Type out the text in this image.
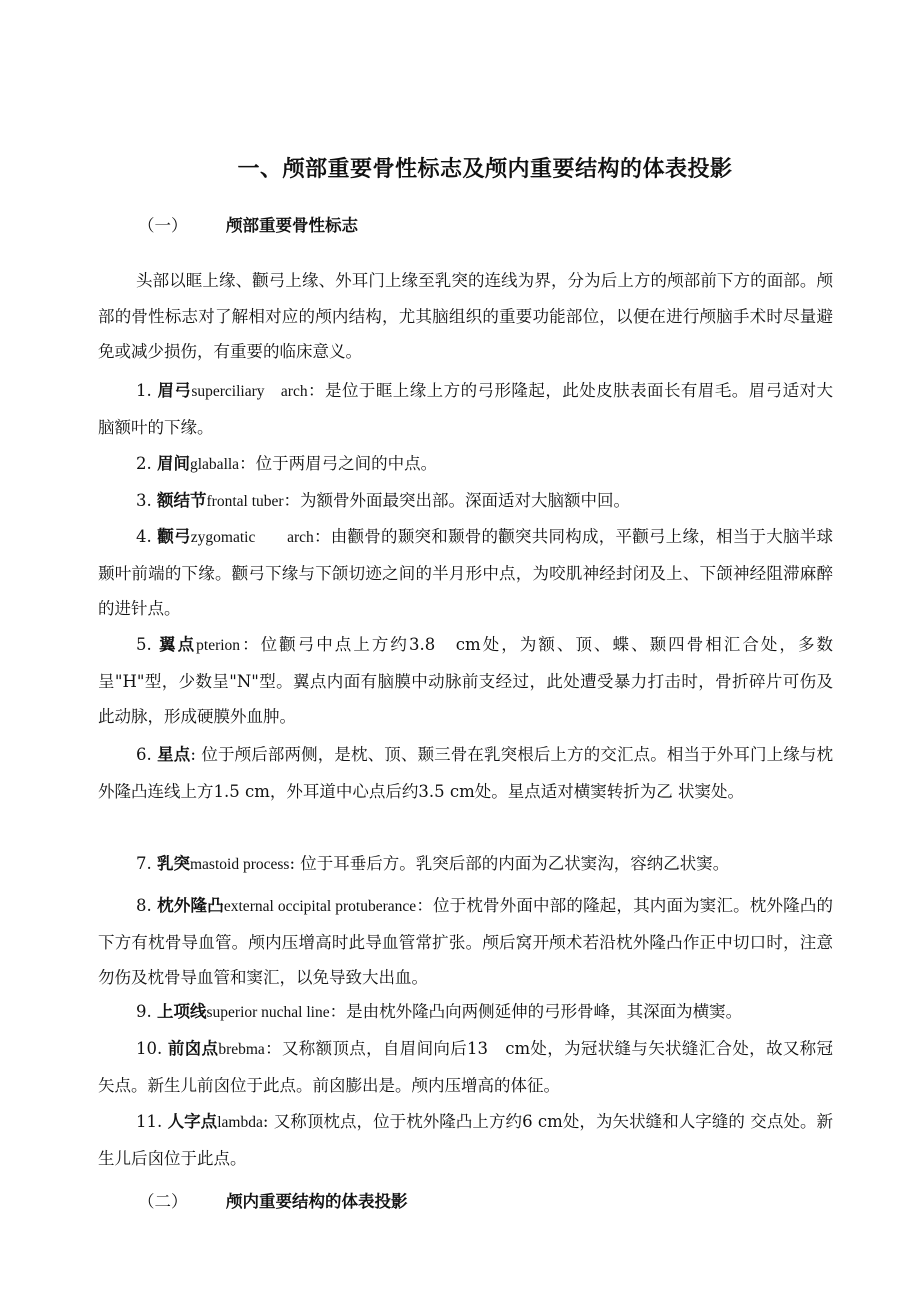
一、颅部重要骨性标志及颅内重要结构的体表投影
（一） 颅部重要骨性标志

头部以眶上缘、颧弓上缘、外耳门上缘至乳突的连线为界，分为后上方的颅部前下方的面部。颅部的骨性标志对了解相对应的颅内结构，尤其脑组织的重要功能部位，以便在进行颅脑手术时尽量避免或减少损伤，有重要的临床意义。

1. 眉弓superciliary　arch：是位于眶上缘上方的弓形隆起，此处皮肤表面长有眉毛。眉弓适对大脑额叶的下缘。

2. 眉间glaballa：位于两眉弓之间的中点。

3. 额结节frontal tuber：为额骨外面最突出部。深面适对大脑额中回。

4. 颧弓zygomatic　　arch：由颧骨的颞突和颞骨的颧突共同构成，平颧弓上缘，相当于大脑半球颞叶前端的下缘。颧弓下缘与下颌切迹之间的半月形中点，为咬肌神经封闭及上、下颌神经阻滞麻醉的进针点。

5. 翼点pterion：位颧弓中点上方约3.8　cm处，为额、顶、蝶、颞四骨相汇合处，多数呈"H"型，少数呈"N"型。翼点内面有脑膜中动脉前支经过，此处遭受暴力打击时，骨折碎片可伤及此动脉，形成硬膜外血肿。

6. 星点: 位于颅后部两侧，是枕、顶、颞三骨在乳突根后上方的交汇点。相当于外耳门上缘与枕外隆凸连线上方1.5 cm，外耳道中心点后约3.5 cm处。星点适对横窦转折为乙 状窦处。

7. 乳突mastoid process: 位于耳垂后方。乳突后部的内面为乙状窦沟，容纳乙状窦。

8. 枕外隆凸external occipital protuberance：位于枕骨外面中部的隆起，其内面为窦汇。枕外隆凸的下方有枕骨导血管。颅内压增高时此导血管常扩张。颅后窝开颅术若沿枕外隆凸作正中切口时，注意勿伤及枕骨导血管和窦汇，以免导致大出血。

9. 上项线superior nuchal line：是由枕外隆凸向两侧延伸的弓形骨峰，其深面为横窦。

10. 前囟点brebma：又称额顶点，自眉间向后13　cm处，为冠状缝与矢状缝汇合处，故又称冠矢点。新生儿前囟位于此点。前囟膨出是。颅内压增高的体征。

11. 人字点lambda: 又称顶枕点，位于枕外隆凸上方约6 cm处，为矢状缝和人字缝的 交点处。新生儿后囟位于此点。

（二） 颅内重要结构的体表投影
